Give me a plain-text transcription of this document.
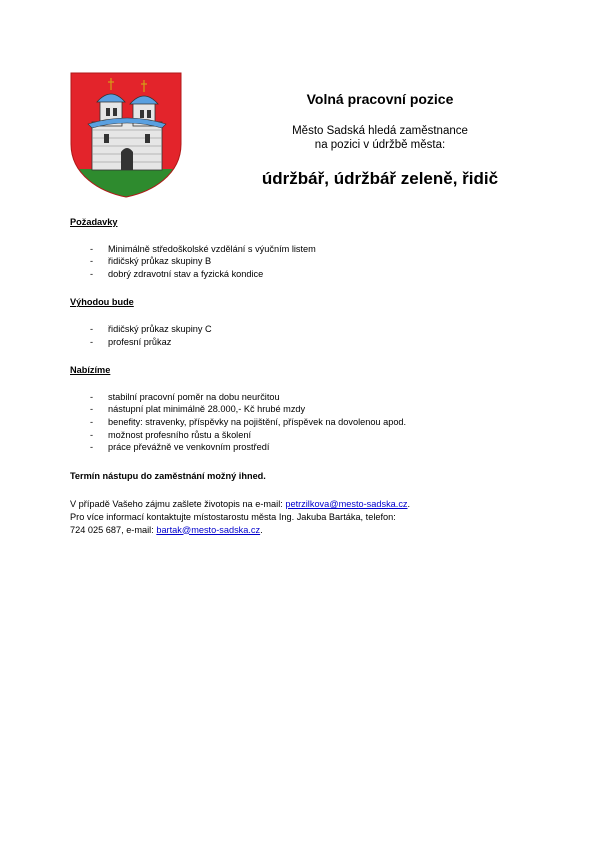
Volná pracovní pozice
Město Sadská hledá zaměstnance
na pozici v údržbě města:
údržbář, údržbář zeleně, řidič

Požadavky

- Minimálně středoškolské vzdělání s výučním listem
- řidičský průkaz skupiny B
- dobrý zdravotní stav a fyzická kondice

Výhodou bude

- řidičský průkaz skupiny C
- profesní průkaz

Nabízíme

- stabilní pracovní poměr na dobu neurčitou
- nástupní plat minimálně 28.000,- Kč hrubé mzdy
- benefity: stravenky, příspěvky na pojištění, příspěvek na dovolenou apod.
- možnost profesního růstu a školení
- práce převážně ve venkovním prostředí

Termín nástupu do zaměstnání možný ihned.

V případě Vašeho zájmu zašlete životopis na e-mail: petrzilkova@mesto-sadska.cz.

Pro více informací kontaktujte místostarostu města Ing. Jakuba Bartáka, telefon:

724 025 687, e-mail: bartak@mesto-sadska.cz.
